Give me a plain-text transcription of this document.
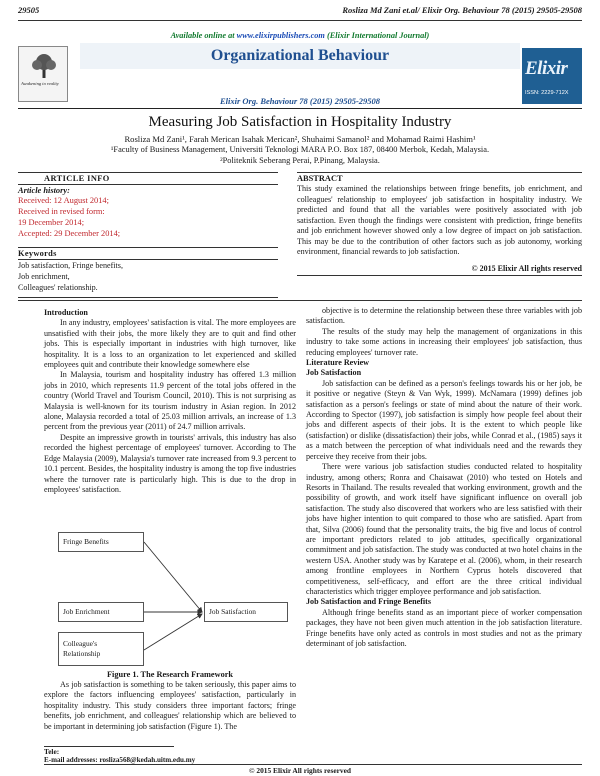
29505	Rosliza Md Zani et.al/ Elixir Org. Behaviour 78 (2015) 29505-29508
Awakening to reality
Available online at www.elixirpublishers.com (Elixir International Journal)
Organizational Behaviour
Elixir Org. Behaviour 78 (2015) 29505-29508
Elixir
ISSN: 2229-712X
Measuring Job Satisfaction in Hospitality Industry
Rosliza Md Zani¹, Farah Merican Isahak Merican², Shuhaimi Samanol² and Mohamad Raimi Hashim¹
¹Faculty of Business Management, Universiti Teknologi MARA P.O. Box 187, 08400 Merbok, Kedah, Malaysia.
²Politeknik Seberang Perai, P.Pinang, Malaysia.
ARTICLE INFO
Article history:
Received: 12 August 2014;
Received in revised form:
19 December 2014;
Accepted: 29 December 2014;
Keywords
Job satisfaction, Fringe benefits,
Job enrichment,
Colleagues' relationship.
ABSTRACT
This study examined the relationships between fringe benefits, job enrichment, and colleagues' relationship to employees' job satisfaction in hospitality industry. We predicted and found that all the variables were positively associated with job satisfaction. Even though the findings were consistent with prediction, fringe benefits and job enrichment however showed only a low degree of impact on job satisfaction. This may be due to the contribution of other factors such as job autonomy, working environment, financial rewards to job satisfaction.
© 2015 Elixir All rights reserved

Introduction

In any industry, employees' satisfaction is vital. The more employees are unsatisfied with their jobs, the more likely they are to quit and find other jobs. This is especially important in industries with high turnover, like hospitality. It is a loss to an organization to let experienced and skilled employees quit and contribute their knowledge somewhere else

In Malaysia, tourism and hospitality industry has offered 1.3 million jobs in 2010, which represents 11.9 percent of the total jobs offered in the country (World Travel and Tourism Council, 2010). This is not surprising as Malaysia is well-known for its tourism industry in Asian region. In 2012 alone, Malaysia recorded a total of 25.03 million arrivals, an increase of 1.3 percent from the previous year (2011) of 24.7 million arrivals.

Despite an impressive growth in tourists' arrivals, this industry has also recorded the highest percentage of employees' turnover. According to The Edge Malaysia (2009), Malaysia's turnover rate increased from 9.3 percent to 10.1 percent. Besides, the hospitality industry is among the top five industries where the turnover rate is particularly high. This is due to the drop in employees' satisfaction.

Fringe Benefits
Job Enrichment
Colleague's
Relationship
Job Satisfaction
Figure 1. The Research Framework

As job satisfaction is something to be taken seriously, this paper aims to explore the factors influencing employees' satisfaction, particularly in hospitality industry. This study considers three important factors; fringe benefits, job enrichment, and colleagues' relationship which are believed to be important in determining job satisfaction (Figure 1). The

objective is to determine the relationship between these three variables with job satisfaction.

The results of the study may help the management of organizations in this industry to take some actions in increasing their employees' job satisfaction, thus reducing employees' turnover rate.

Literature Review

Job Satisfaction

Job satisfaction can be defined as a person's feelings towards his or her job, be it positive or negative (Steyn & Van Wyk, 1999). McNamara (1999) defines job satisfaction as a person's feelings or state of mind about the nature of their work. According to Spector (1997), job satisfaction is simply how people feel about their jobs and different aspects of their jobs. It is the extent to which people like (satisfaction) or dislike (dissatisfaction) their jobs, while Conrad et al., (1985) says it as a match between the perception of what individuals need and the rewards they perceive they receive from their jobs.

There were various job satisfaction studies conducted related to hospitality industry, among others; Ronra and Chaisawat (2010) who tested on Hotels and Resorts in Thailand. The results revealed that working environment, growth and the possibility of growth, and work itself have significant influence on overall job satisfaction. The study also discovered that workers who are less satisfied with their jobs have higher intention to quit compared to those who are satisfied. Apart from that, Silva (2006) found that the personality traits, the big five and locus of control are important predictors related to job attitudes, specifically organizational commitment and job satisfaction. The study was conducted at two hotel chains in the western USA. Another study was by Karatepe et al. (2006), whom, in their research among frontline employees in Northern Cyprus hotels discovered that competitiveness, self-efficacy, and effort are the three critical individual characteristics which trigger employee performance and job satisfaction.

Job Satisfaction and Fringe Benefits

Although fringe benefits stand as an important piece of worker compensation packages, they have not been given much attention in the job satisfaction literature. Fringe benefits have only acted as controls in most studies and not as the primary determinant of job satisfaction.

Tele:
E-mail addresses: rosliza568@kedah.uitm.edu.my
© 2015 Elixir All rights reserved
